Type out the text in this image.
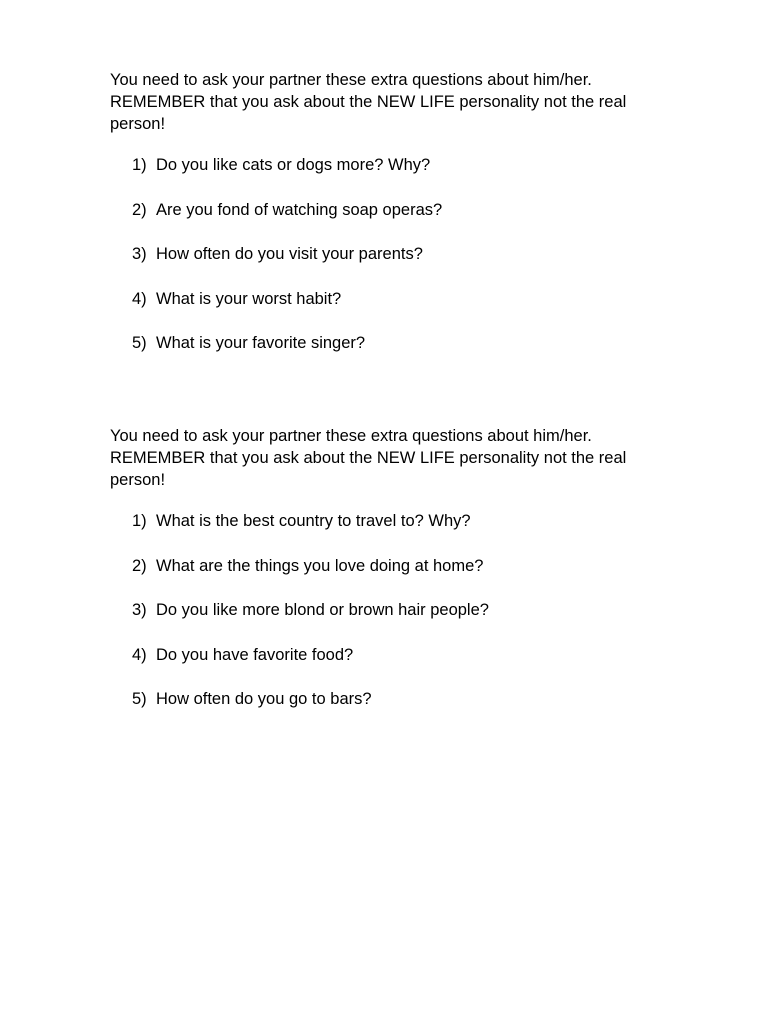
You need to ask your partner these extra questions about him/her.
REMEMBER that you ask about the NEW LIFE personality not the real
person!

1) Do you like cats or dogs more? Why?
2) Are you fond of watching soap operas?
3) How often do you visit your parents?
4) What is your worst habit?
5) What is your favorite singer?

You need to ask your partner these extra questions about him/her.
REMEMBER that you ask about the NEW LIFE personality not the real
person!

1) What is the best country to travel to? Why?
2) What are the things you love doing at home?
3) Do you like more blond or brown hair people?
4) Do you have favorite food?
5) How often do you go to bars?
